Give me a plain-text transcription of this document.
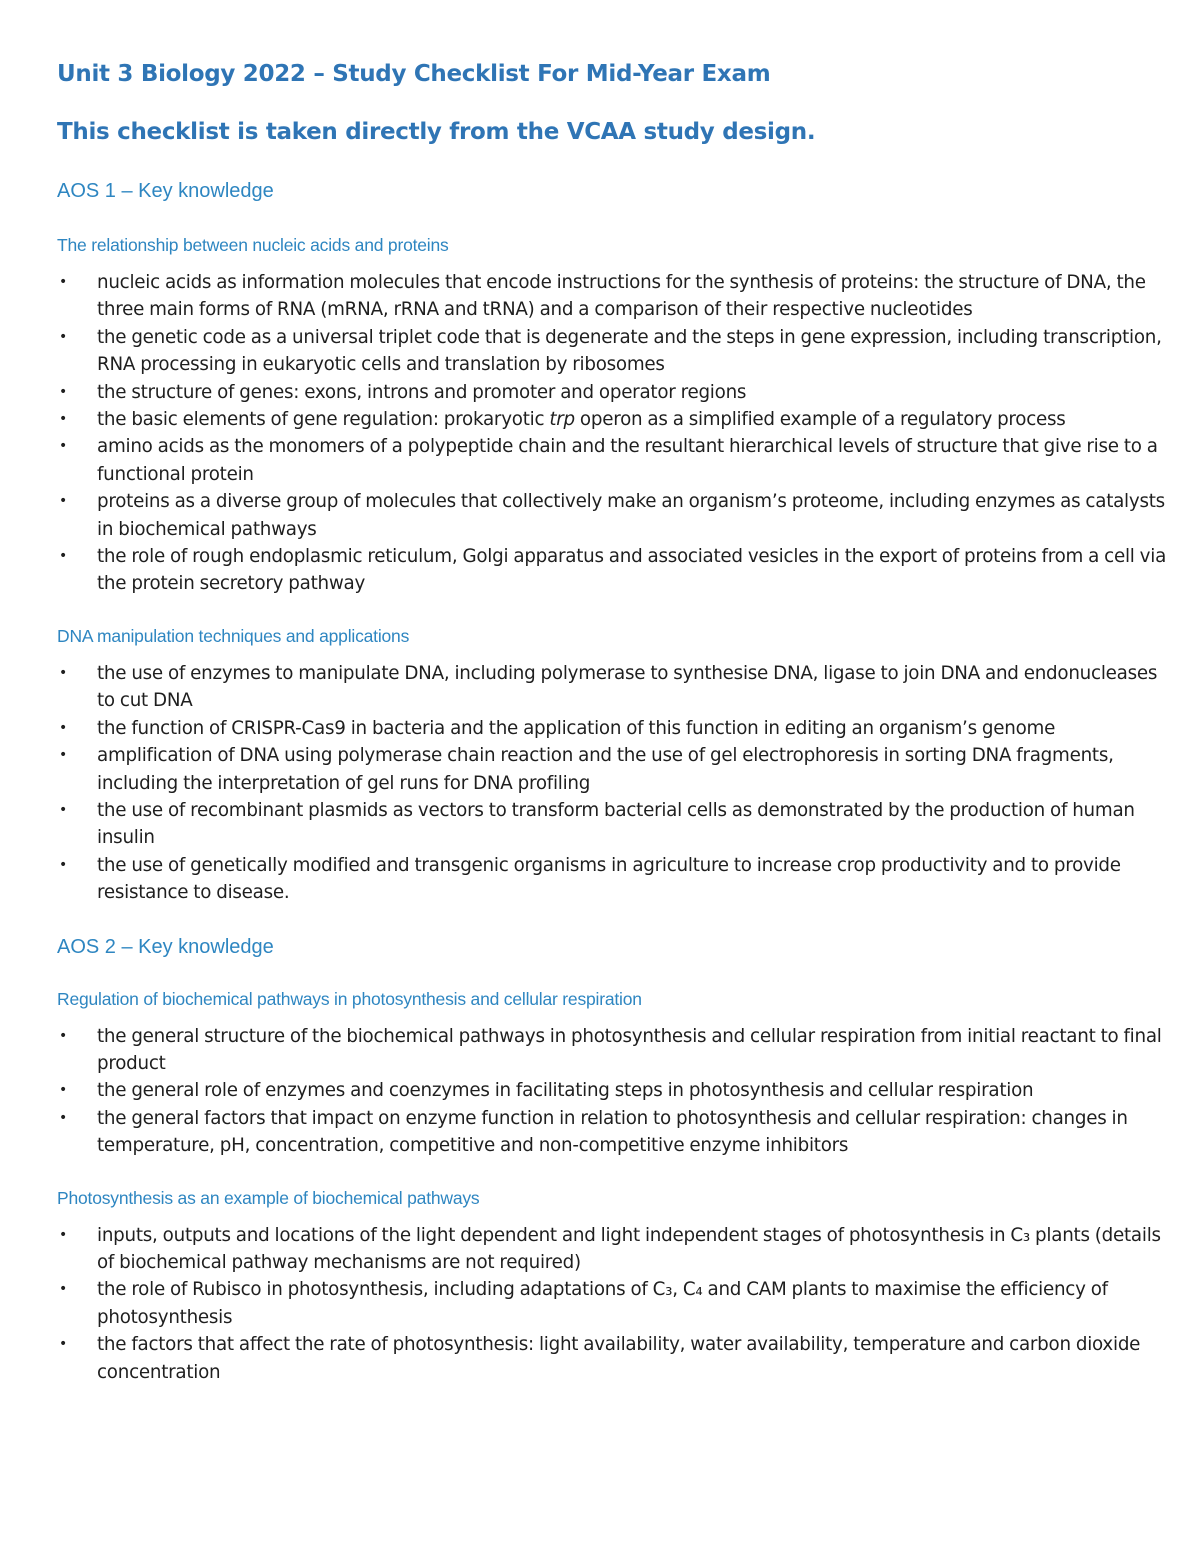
Unit 3 Biology 2022 – Study Checklist For Mid-Year Exam
This checklist is taken directly from the VCAA study design.
AOS 1 – Key knowledge
The relationship between nucleic acids and proteins
• nucleic acids as information molecules that encode instructions for the synthesis of proteins: the structure of DNA, the three main forms of RNA (mRNA, rRNA and tRNA) and a comparison of their respective nucleotides
• the genetic code as a universal triplet code that is degenerate and the steps in gene expression, including transcription, RNA processing in eukaryotic cells and translation by ribosomes
• the structure of genes: exons, introns and promoter and operator regions
• the basic elements of gene regulation: prokaryotic trp operon as a simplified example of a regulatory process
• amino acids as the monomers of a polypeptide chain and the resultant hierarchical levels of structure that give rise to a functional protein
• proteins as a diverse group of molecules that collectively make an organism’s proteome, including enzymes as catalysts in biochemical pathways
• the role of rough endoplasmic reticulum, Golgi apparatus and associated vesicles in the export of proteins from a cell via the protein secretory pathway
DNA manipulation techniques and applications
• the use of enzymes to manipulate DNA, including polymerase to synthesise DNA, ligase to join DNA and endonucleases to cut DNA
• the function of CRISPR-Cas9 in bacteria and the application of this function in editing an organism’s genome
• amplification of DNA using polymerase chain reaction and the use of gel electrophoresis in sorting DNA fragments, including the interpretation of gel runs for DNA profiling
• the use of recombinant plasmids as vectors to transform bacterial cells as demonstrated by the production of human insulin
• the use of genetically modified and transgenic organisms in agriculture to increase crop productivity and to provide resistance to disease.
AOS 2 – Key knowledge
Regulation of biochemical pathways in photosynthesis and cellular respiration
• the general structure of the biochemical pathways in photosynthesis and cellular respiration from initial reactant to final product
• the general role of enzymes and coenzymes in facilitating steps in photosynthesis and cellular respiration
• the general factors that impact on enzyme function in relation to photosynthesis and cellular respiration: changes in temperature, pH, concentration, competitive and non-competitive enzyme inhibitors
Photosynthesis as an example of biochemical pathways
• inputs, outputs and locations of the light dependent and light independent stages of photosynthesis in C₃ plants (details of biochemical pathway mechanisms are not required)
• the role of Rubisco in photosynthesis, including adaptations of C₃, C₄ and CAM plants to maximise the efficiency of photosynthesis
• the factors that affect the rate of photosynthesis: light availability, water availability, temperature and carbon dioxide concentration
